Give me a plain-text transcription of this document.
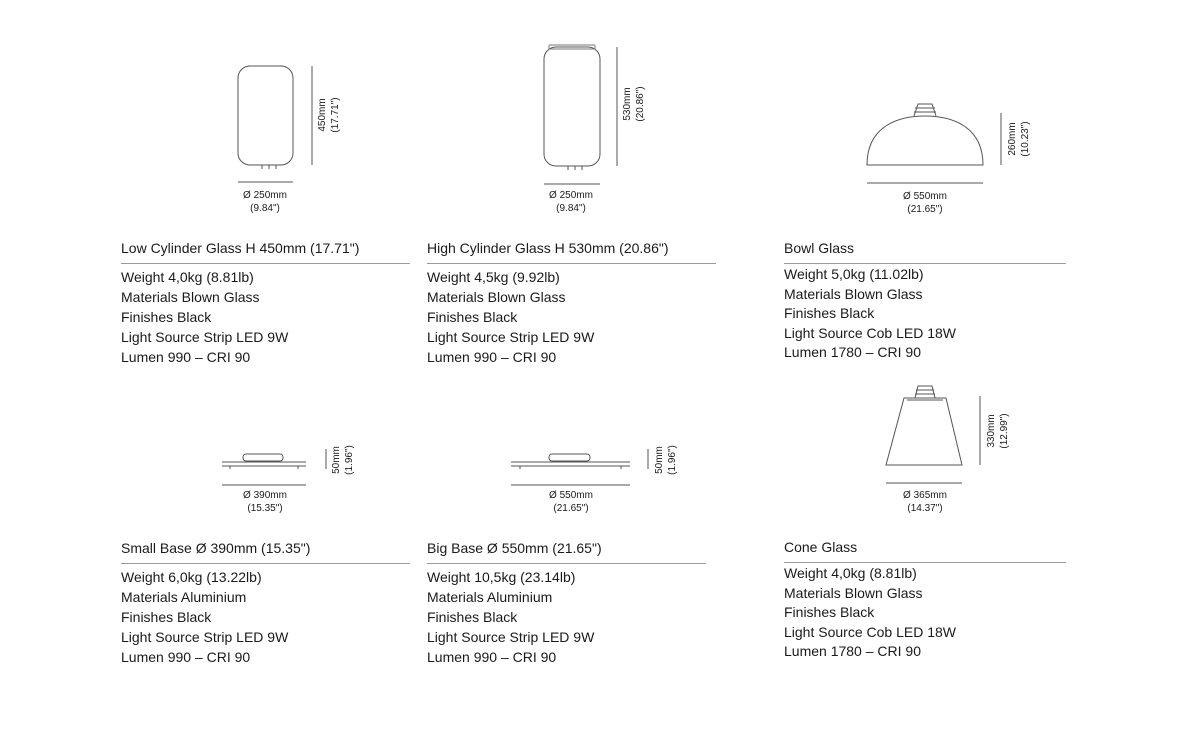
Ø 250mm
(9.84")
450mm (17.71")
Ø 250mm
(9.84")
530mm (20.86")
Ø 550mm
(21.65")
260mm (10.23")
Ø 390mm
(15.35")
50mm (1.96")
Ø 550mm
(21.65")
50mm (1.96")
Ø 365mm
(14.37")
330mm (12.99")
Low Cylinder Glass H 450mm (17.71")
Weight 4,0kg (8.81lb)
Materials Blown Glass
Finishes Black
Light Source Strip LED 9W
Lumen 990 – CRI 90
High Cylinder Glass H 530mm (20.86")
Weight 4,5kg (9.92lb)
Materials Blown Glass
Finishes Black
Light Source Strip LED 9W
Lumen 990 – CRI 90
Bowl Glass
Weight 5,0kg (11.02lb)
Materials Blown Glass
Finishes Black
Light Source Cob LED 18W
Lumen 1780 – CRI 90
Small Base Ø 390mm (15.35")
Weight 6,0kg (13.22lb)
Materials Aluminium
Finishes Black
Light Source Strip LED 9W
Lumen 990 – CRI 90
Big Base Ø 550mm (21.65")
Weight 10,5kg (23.14lb)
Materials Aluminium
Finishes Black
Light Source Strip LED 9W
Lumen 990 – CRI 90
Cone Glass
Weight 4,0kg (8.81lb)
Materials Blown Glass
Finishes Black
Light Source Cob LED 18W
Lumen 1780 – CRI 90
